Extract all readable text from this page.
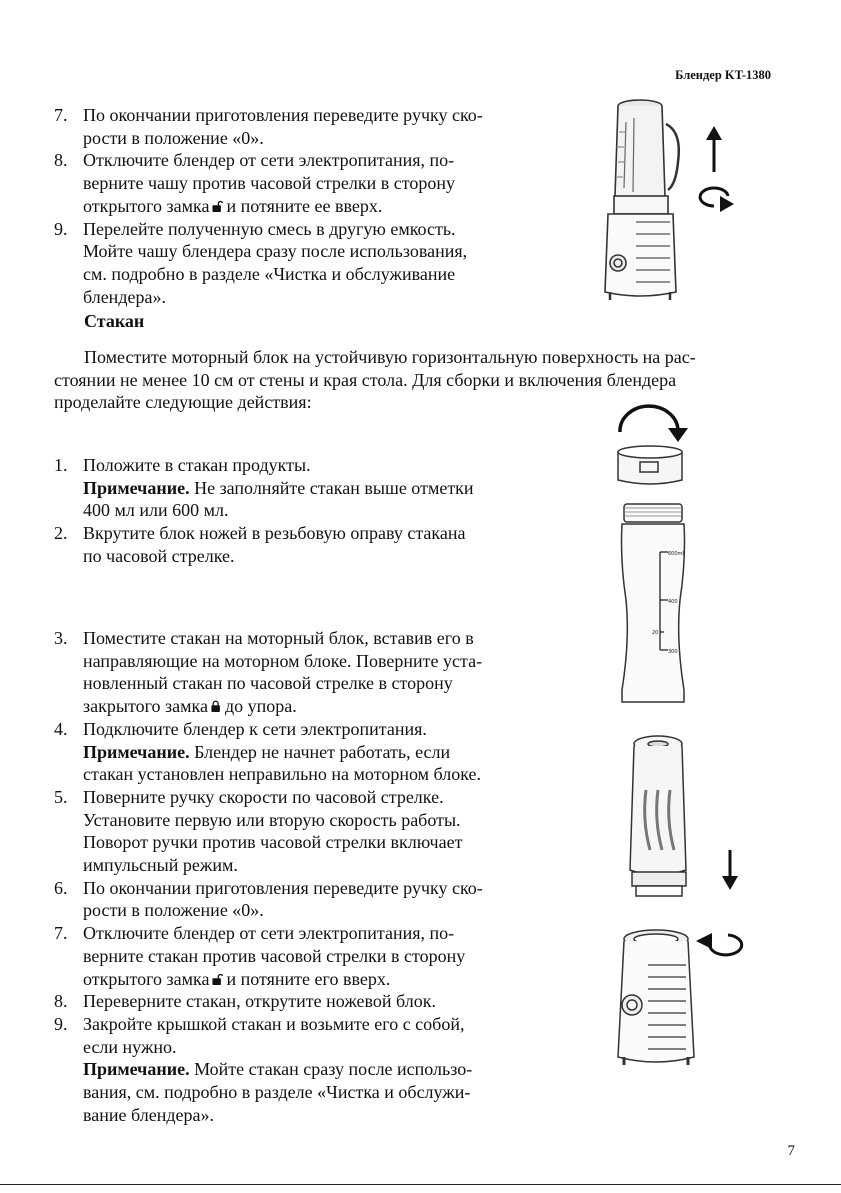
Блендер KT-1380
7. По окончании приготовления переведите ручку ско-

рости в положение «0».

8. Отключите блендер от сети электропитания, по-

верните чашу против часовой стрелки в сторону

открытого замка и потяните ее вверх.

9. Перелейте полученную смесь в другую емкость.

Мойте чашу блендера сразу после использования,

см. подробно в разделе «Чистка и обслуживание

блендера».

Стакан
Поместите моторный блок на устойчивую горизонтальную поверхность на рас-
стоянии не менее 10 см от стены и края стола. Для сборки и включения блендера
проделайте следующие действия:
1. Положите в стакан продукты.

Примечание. Не заполняйте стакан выше отметки

400 мл или 600 мл.

2. Вкрутите блок ножей в резьбовую оправу стакана

по часовой стрелке.

3. Поместите стакан на моторный блок, вставив его в

направляющие на моторном блоке. Поверните уста-

новленный стакан по часовой стрелке в сторону

закрытого замка до упора.

4. Подключите блендер к сети электропитания.

Примечание. Блендер не начнет работать, если

стакан установлен неправильно на моторном блоке.

5. Поверните ручку скорости по часовой стрелке.

Установите первую или вторую скорость работы.

Поворот ручки против часовой стрелки включает

импульсный режим.

6. По окончании приготовления переведите ручку ско-

рости в положение «0».

7. Отключите блендер от сети электропитания, по-

верните стакан против часовой стрелки в сторону

открытого замка и потяните его вверх.

8. Переверните стакан, открутите ножевой блок.

9. Закройте крышкой стакан и возьмите его с собой,

если нужно.

Примечание. Мойте стакан сразу после использо-

вания, см. подробно в разделе «Чистка и обслужи-

вание блендера».

600ml
400
20
300
7
